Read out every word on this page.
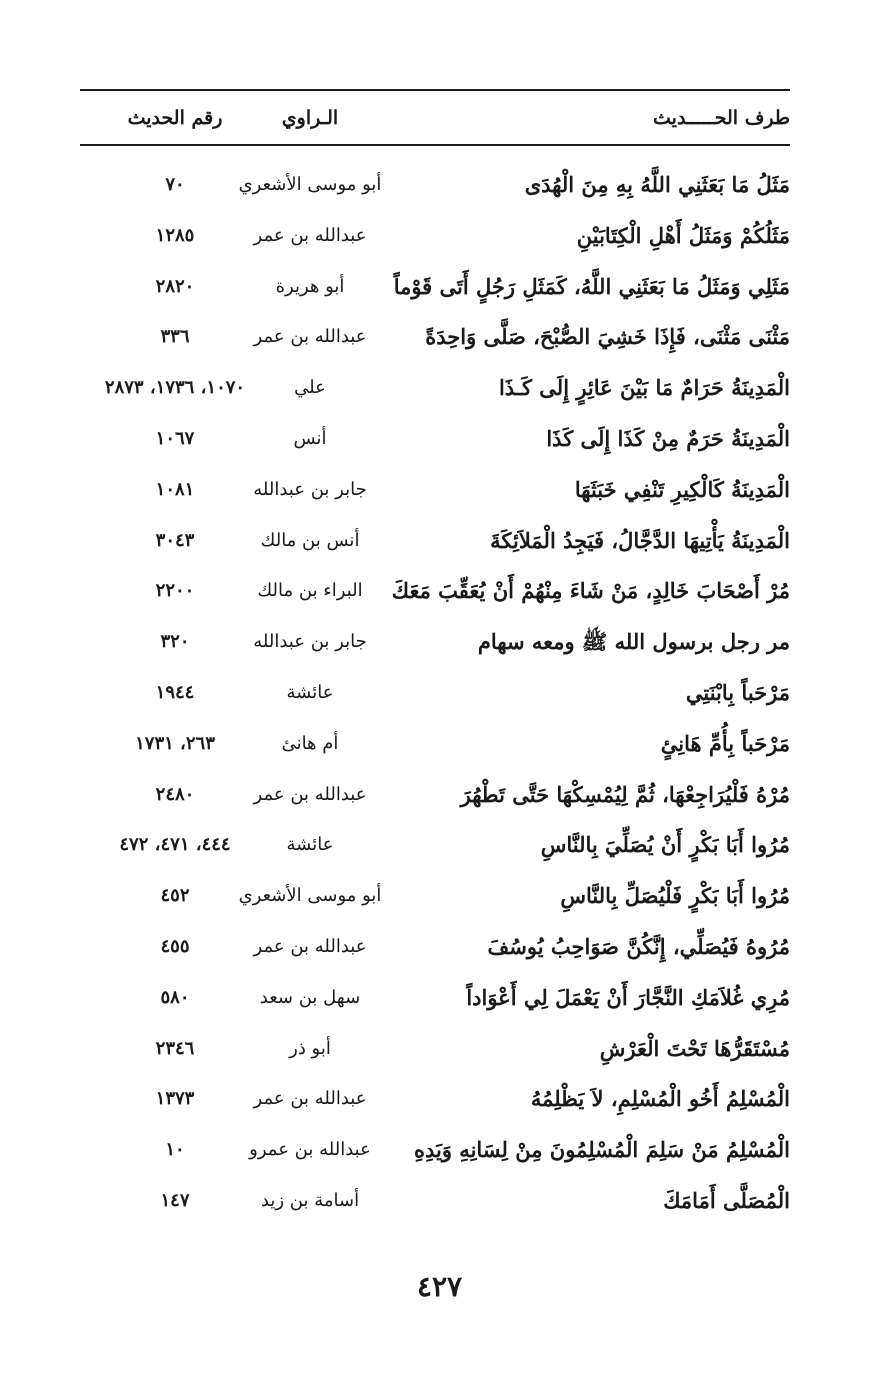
طرف الحـــــديث
الـراوي
رقم الحديث
مَثَلُ مَا بَعَثَنِي اللَّهُ بِهِ مِنَ الْهُدَى
أبو موسى الأشعري
٧٠
مَثَلُكُمْ وَمَثَلُ أَهْلِ الْكِتَابَيْنِ
عبدالله بن عمر
١٢٨٥
مَثَلِي وَمَثَلُ مَا بَعَثَنِي اللَّهُ، كَمَثَلِ رَجُلٍ أَتَى قَوْماً
أبو هريرة
٢٨٢٠
مَثْنَى مَثْنَى، فَإِذَا خَشِيَ الصُّبْحَ، صَلَّى وَاحِدَةً
عبدالله بن عمر
٣٣٦
الْمَدِينَةُ حَرَامٌ مَا بَيْنَ عَائِرٍ إِلَى كَـذَا
علي
١٠٧٠، ١٧٣٦، ٢٨٧٣
الْمَدِينَةُ حَرَمٌ مِنْ كَذَا إِلَى كَذَا
أنس
١٠٦٧
الْمَدِينَةُ كَالْكِيرِ تَنْفِي خَبَثَهَا
جابر بن عبدالله
١٠٨١
الْمَدِينَةُ يَأْتِيهَا الدَّجَّالُ، فَيَجِدُ الْمَلاَئِكَةَ
أنس بن مالك
٣٠٤٣
مُرْ أَصْحَابَ خَالِدٍ، مَنْ شَاءَ مِنْهُمْ أَنْ يُعَقِّبَ مَعَكَ
البراء بن مالك
٢٢٠٠
مر رجل برسول الله ﷺ ومعه سهام
جابر بن عبدالله
٣٢٠
مَرْحَباً بِابْنَتِي
عائشة
١٩٤٤
مَرْحَباً بِأُمِّ هَانِئٍ
أم هانئ
٢٦٣، ١٧٣١
مُرْهُ فَلْيُرَاجِعْهَا، ثُمَّ لِيُمْسِكْهَا حَتَّى تَطْهُرَ
عبدالله بن عمر
٢٤٨٠
مُرُوا أَبَا بَكْرٍ أَنْ يُصَلِّيَ بِالنَّاسِ
عائشة
٤٤٤، ٤٧١، ٤٧٢
مُرُوا أَبَا بَكْرٍ فَلْيُصَلِّ بِالنَّاسِ
أبو موسى الأشعري
٤٥٢
مُرُوهُ فَيُصَلِّي، إِنَّكُنَّ صَوَاحِبُ يُوسُفَ
عبدالله بن عمر
٤٥٥
مُرِي غُلاَمَكِ النَّجَّارَ أَنْ يَعْمَلَ لِي أَعْوَاداً
سهل بن سعد
٥٨٠
مُسْتَقَرُّهَا تَحْتَ الْعَرْشِ
أبو ذر
٢٣٤٦
الْمُسْلِمُ أَخُو الْمُسْلِمِ، لاَ يَظْلِمُهُ
عبدالله بن عمر
١٣٧٣
الْمُسْلِمُ مَنْ سَلِمَ الْمُسْلِمُونَ مِنْ لِسَانِهِ وَيَدِهِ
عبدالله بن عمرو
١٠
الْمُصَلَّى أَمَامَكَ
أسامة بن زيد
١٤٧
٤٢٧
